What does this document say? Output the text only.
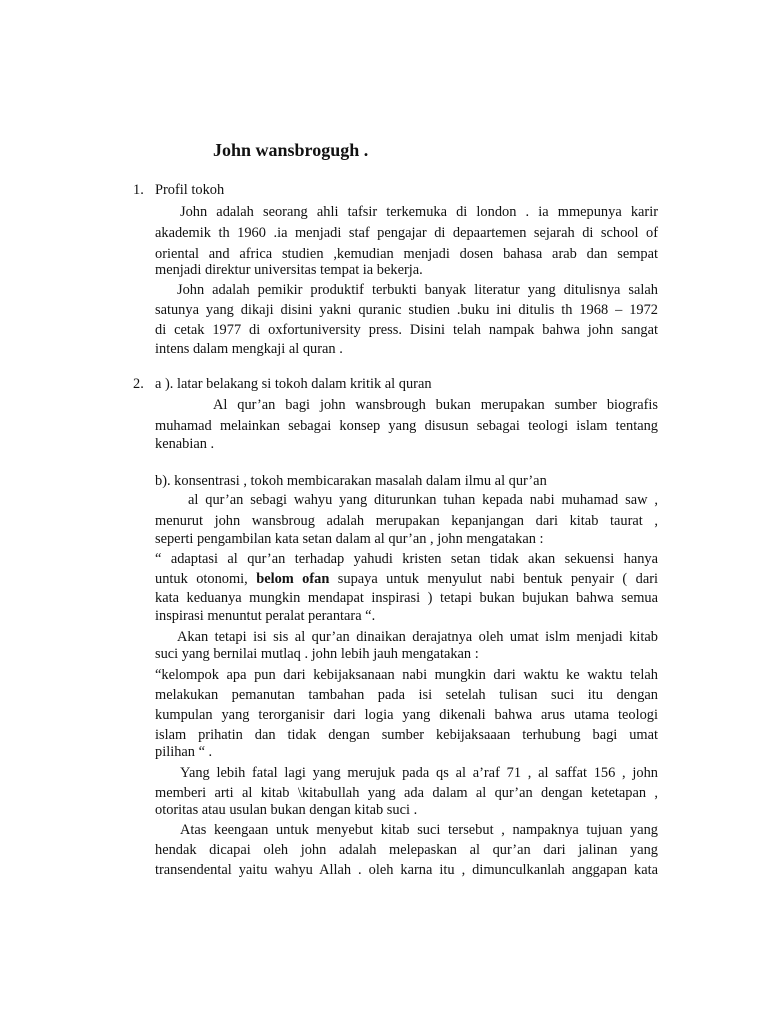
John wansbrogugh .
1. Profil tokoh
John adalah seorang ahli tafsir terkemuka di london . ia mmepunya karir
akademik th 1960 .ia menjadi staf pengajar di depaartemen sejarah di school of
oriental and africa studien ,kemudian menjadi dosen bahasa arab dan sempat
menjadi direktur universitas tempat ia bekerja.
John adalah pemikir produktif terbukti banyak literatur yang ditulisnya salah
satunya yang dikaji disini yakni quranic studien .buku ini ditulis th 1968 – 1972
di cetak 1977 di oxfortuniversity press. Disini telah nampak bahwa john sangat
intens dalam mengkaji al quran .
2. a ). latar belakang si tokoh dalam kritik al quran
Al qur’an bagi john wansbrough bukan merupakan sumber biografis
muhamad melainkan sebagai konsep yang disusun sebagai teologi islam tentang
kenabian .
b). konsentrasi , tokoh membicarakan masalah dalam ilmu al qur’an
al qur’an sebagi wahyu yang diturunkan tuhan kepada nabi muhamad saw ,
menurut john wansbroug adalah merupakan kepanjangan dari kitab taurat ,
seperti pengambilan kata setan dalam al qur’an , john mengatakan :
“ adaptasi al qur’an terhadap yahudi kristen setan tidak akan sekuensi hanya
untuk otonomi, belom ofan supaya untuk menyulut nabi bentuk penyair ( dari
kata keduanya mungkin mendapat inspirasi ) tetapi bukan bujukan bahwa semua
inspirasi menuntut peralat perantara “.
Akan tetapi isi sis al qur’an dinaikan derajatnya oleh umat islm menjadi kitab
suci yang bernilai mutlaq . john lebih jauh mengatakan :
“kelompok apa pun dari kebijaksanaan nabi mungkin dari waktu ke waktu telah
melakukan pemanutan tambahan pada isi setelah tulisan suci itu dengan
kumpulan yang terorganisir dari logia yang dikenali bahwa arus utama teologi
islam prihatin dan tidak dengan sumber kebijaksaaan terhubung bagi umat
pilihan “ .
Yang lebih fatal lagi yang merujuk pada qs al a’raf 71 , al saffat 156 , john
memberi arti al kitab \kitabullah yang ada dalam al qur’an dengan ketetapan ,
otoritas atau usulan bukan dengan kitab suci .
Atas keengaan untuk menyebut kitab suci tersebut , nampaknya tujuan yang
hendak dicapai oleh john adalah melepaskan al qur’an dari jalinan yang
transendental yaitu wahyu Allah . oleh karna itu , dimunculkanlah anggapan kata
